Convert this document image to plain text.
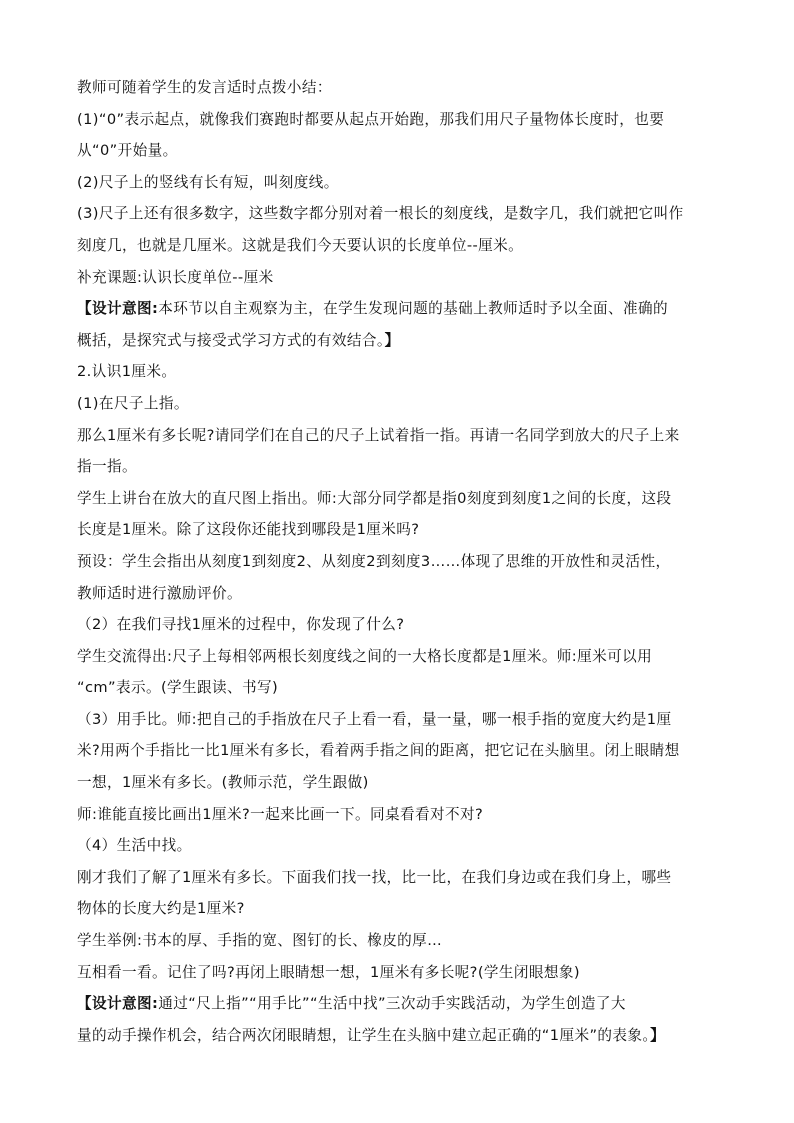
教师可随着学生的发言适时点拨小结：
(1)“0”表示起点，就像我们赛跑时都要从起点开始跑，那我们用尺子量物体长度时，也要
从“0”开始量。
(2)尺子上的竖线有长有短，叫刻度线。
(3)尺子上还有很多数字，这些数字都分别对着一根长的刻度线，是数字几，我们就把它叫作
刻度几，也就是几厘米。这就是我们今天要认识的长度单位--厘米。
补充课题:认识长度单位--厘米
【设计意图:本环节以自主观察为主，在学生发现问题的基础上教师适时予以全面、准确的
概括，是探究式与接受式学习方式的有效结合。】
2.认识1厘米。
(1)在尺子上指。
那么1厘米有多长呢?请同学们在自己的尺子上试着指一指。再请一名同学到放大的尺子上来
指一指。
学生上讲台在放大的直尺图上指出。师:大部分同学都是指0刻度到刻度1之间的长度，这段
长度是1厘米。除了这段你还能找到哪段是1厘米吗?
预设：学生会指出从刻度1到刻度2、从刻度2到刻度3……体现了思维的开放性和灵活性，
教师适时进行激励评价。
（2）在我们寻找1厘米的过程中，你发现了什么?
学生交流得出:尺子上每相邻两根长刻度线之间的一大格长度都是1厘米。师:厘米可以用
“cm”表示。(学生跟读、书写)
（3）用手比。师:把自己的手指放在尺子上看一看，量一量，哪一根手指的宽度大约是1厘
米?用两个手指比一比1厘米有多长，看着两手指之间的距离，把它记在头脑里。闭上眼睛想
一想，1厘米有多长。(教师示范，学生跟做)
师:谁能直接比画出1厘米?一起来比画一下。同桌看看对不对?
（4）生活中找。
刚才我们了解了1厘米有多长。下面我们找一找，比一比，在我们身边或在我们身上，哪些
物体的长度大约是1厘米?
学生举例:书本的厚、手指的宽、图钉的长、橡皮的厚…
互相看一看。记住了吗?再闭上眼睛想一想，1厘米有多长呢?(学生闭眼想象)
【设计意图:通过“尺上指”“用手比”“生活中找”三次动手实践活动，为学生创造了大
量的动手操作机会，结合两次闭眼睛想，让学生在头脑中建立起正确的“1厘米”的表象。】
